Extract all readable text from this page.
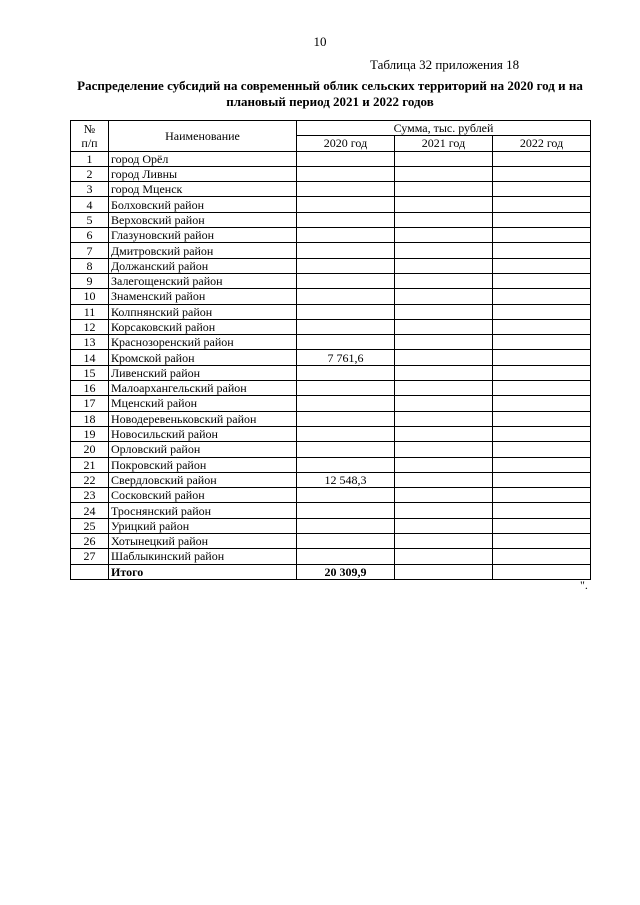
10
Таблица 32 приложения 18
Распределение субсидий на современный облик сельских территорий на 2020 год и на
плановый период 2021 и 2022 годов
№
п/п	Наименование	Сумма, тыс. рублей		
		2020 год	2021 год	2022 год
1	город Орёл			
2	город Ливны			
3	город Мценск			
4	Болховский район			
5	Верховский район			
6	Глазуновский район			
7	Дмитровский район			
8	Должанский район			
9	Залегощенский район			
10	Знаменский район			
11	Колпнянский район			
12	Корсаковский район			
13	Краснозоренский район			
14	Кромской район	7 761,6		
15	Ливенский район			
16	Малоархангельский район			
17	Мценский район			
18	Новодеревеньковский район			
19	Новосильский район			
20	Орловский район			
21	Покровский район			
22	Свердловский район	12 548,3		
23	Сосковский район			
24	Троснянский район			
25	Урицкий район			
26	Хотынецкий район			
27	Шаблыкинский район			
	Итого	20 309,9		
".
